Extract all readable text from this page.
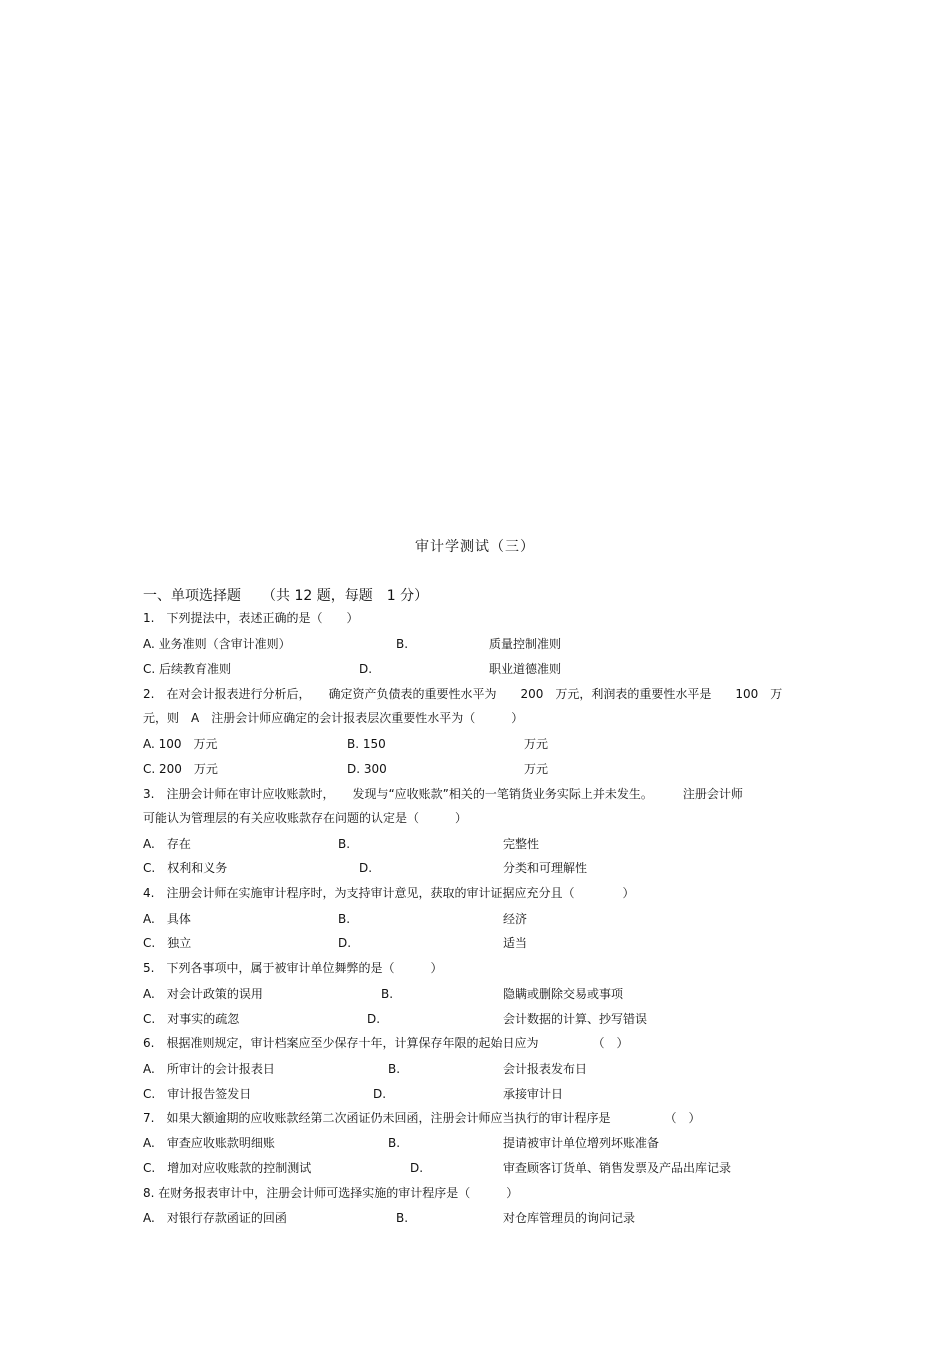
审计学测试（三）
一、单项选择题　　（共 12 题，每题　1 分）
1.　下列提法中，表述正确的是（　　）
A. 业务准则（含审计准则）	B.	质量控制准则
C. 后续教育准则	D.	职业道德准则
2.　在对会计报表进行分析后，　　确定资产负债表的重要性水平为　　200　万元，利润表的重要性水平是　　100　万
元，则　A　注册会计师应确定的会计报表层次重要性水平为（　　　）
A. 100　万元	B. 150	万元
C. 200　万元	D. 300	万元
3.　注册会计师在审计应收账款时，　　发现与“应收账款”相关的一笔销货业务实际上并未发生。　　　注册会计师
可能认为管理层的有关应收账款存在问题的认定是（　　　）
A.　存在	B.	完整性
C.　权利和义务	D.	分类和可理解性
4.　注册会计师在实施审计程序时，为支持审计意见，获取的审计证据应充分且（　　　　）
A.　具体	B.	经济
C.　独立	D.	适当
5.　下列各事项中，属于被审计单位舞弊的是（　　　）
A.　对会计政策的误用	B.	隐瞒或删除交易或事项
C.　对事实的疏忽	D.	会计数据的计算、抄写错误
6.　根据准则规定，审计档案应至少保存十年，计算保存年限的起始日应为　　　　　（　）
A.　所审计的会计报表日	B.	会计报表发布日
C.　审计报告签发日	D.	承接审计日
7.　如果大额逾期的应收账款经第二次函证仍未回函，注册会计师应当执行的审计程序是　　　　　（　）
A.　审查应收账款明细账	B.	提请被审计单位增列坏账准备
C.　增加对应收账款的控制测试	D.	审查顾客订货单、销售发票及产品出库记录
8. 在财务报表审计中，注册会计师可选择实施的审计程序是（　　　）
A.　对银行存款函证的回函	B.	对仓库管理员的询问记录
